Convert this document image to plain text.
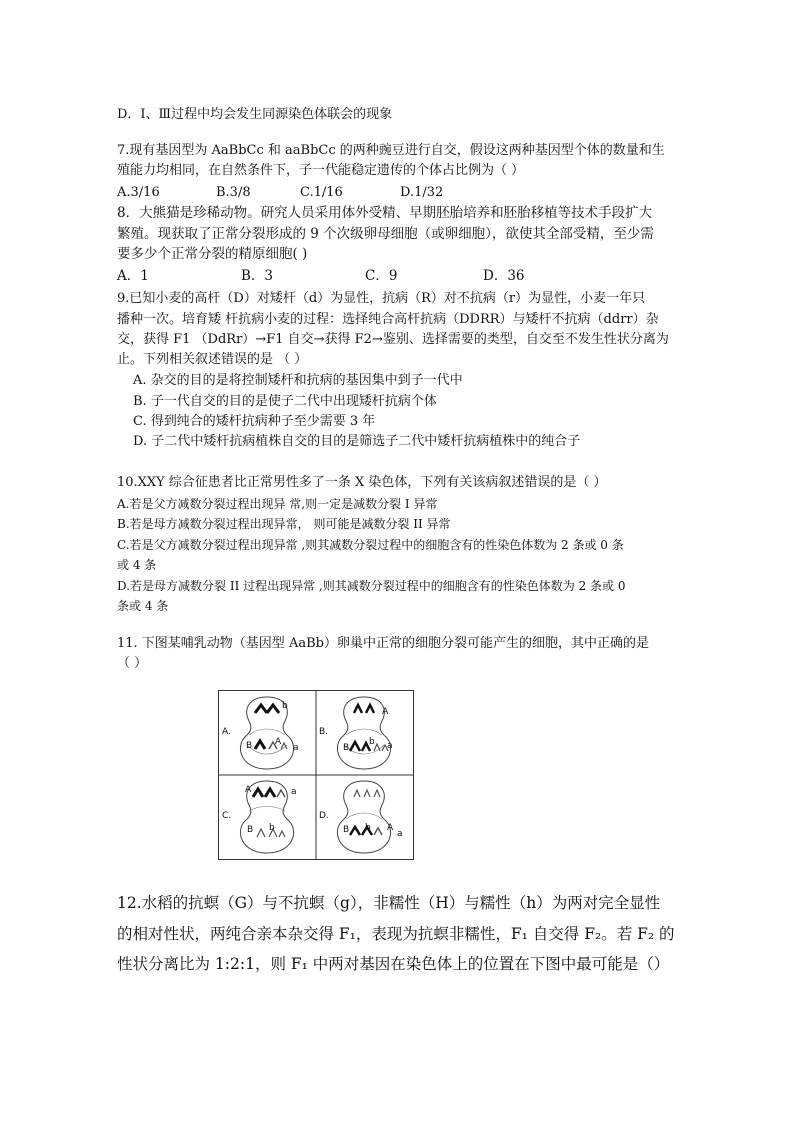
D．Ⅰ、Ⅲ过程中均会发生同源染色体联会的现象
7.现有基因型为 AaBbCc 和 aaBbCc 的两种豌豆进行自交，假设这两种基因型个体的数量和生
殖能力均相同，在自然条件下，子一代能稳定遗传的个体占比例为（ ）
A.3/16	B.3/8	C.1/16	D.1/32
8．大熊猫是珍稀动物。研究人员采用体外受精、早期胚胎培养和胚胎移植等技术手段扩大
繁殖。现获取了正常分裂形成的 9 个次级卵母细胞（或卵细胞），欲使其全部受精，至少需
要多少个正常分裂的精原细胞( )
A．1	B．3	C．9	D．36
9.已知小麦的高杆（D）对矮杆（d）为显性，抗病（R）对不抗病（r）为显性，小麦一年只
播种一次。培育矮 杆抗病小麦的过程：选择纯合高杆抗病（DDRR）与矮杆不抗病（ddrr）杂
交，获得 F1 （DdRr）→F1 自交→获得 F2→鉴别、选择需要的类型，自交至不发生性状分离为
止。下列相关叙述错误的是 （ ）
A. 杂交的目的是将控制矮杆和抗病的基因集中到子一代中
B. 子一代自交的目的是使子二代中出现矮杆抗病个体
C. 得到纯合的矮杆抗病种子至少需要 3 年
D. 子二代中矮杆抗病植株自交的目的是筛选子二代中矮杆抗病植株中的纯合子
10.XXY 综合征患者比正常男性多了一条 X 染色体，下列有关该病叙述错误的是（ ）
A.若是父方减数分裂过程出现异 常,则一定是减数分裂 I 异常
B.若是母方减数分裂过程出现异常， 则可能是减数分裂 II 异常
C.若是父方减数分裂过程出现异常 ,则其减数分裂过程中的细胞含有的性染色体数为 2 条或 0 条
或 4 条
D.若是母方减数分裂 II 过程出现异常 ,则其减数分裂过程中的细胞含有的性染色体数为 2 条或 0
条或 4 条
11. 下图某哺乳动物（基因型 AaBb）卵巢中正常的细胞分裂可能产生的细胞，其中正确的是
（ ）
A.
B	A
a
b
B.
A
B
b a
C.
A	a
B b
D.
B b A
a
12.水稻的抗螟（G）与不抗螟（g），非糯性（H）与糯性（h）为两对完全显性
的相对性状，两纯合亲本杂交得 F₁，表现为抗螟非糯性，F₁ 自交得 F₂。若 F₂ 的
性状分离比为 1:2:1，则 F₁ 中两对基因在染色体上的位置在下图中最可能是（）
